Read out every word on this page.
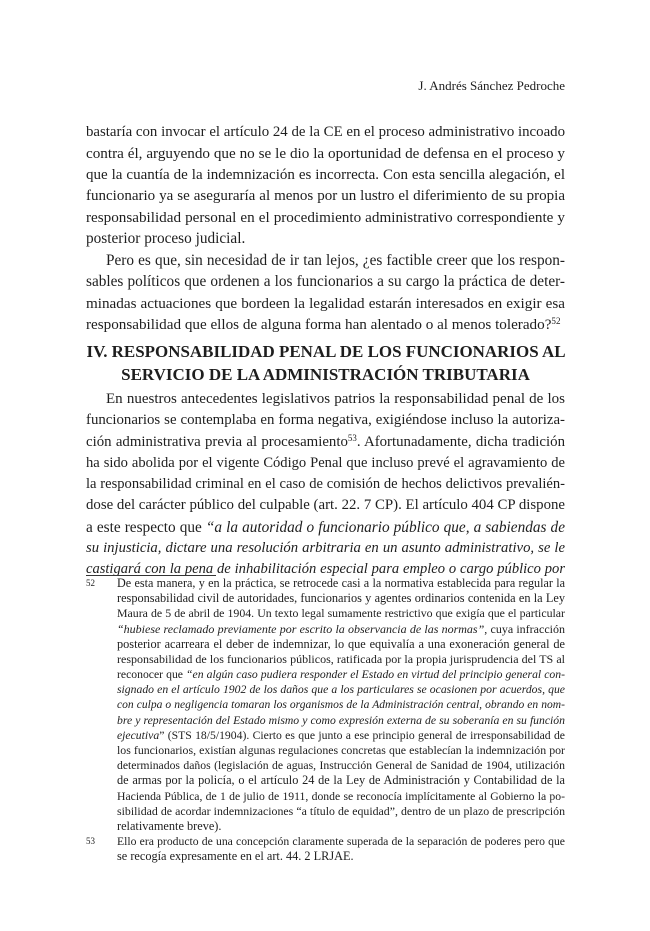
J. Andrés Sánchez Pedroche
bastaría con invocar el artículo 24 de la CE en el proceso administrativo incoado
contra él, arguyendo que no se le dio la oportunidad de defensa en el proceso y
que la cuantía de la indemnización es incorrecta. Con esta sencilla alegación, el
funcionario ya se aseguraría al menos por un lustro el diferimiento de su propia
responsabilidad personal en el procedimiento administrativo correspondiente y
posterior proceso judicial.
Pero es que, sin necesidad de ir tan lejos, ¿es factible creer que los respon-
sables políticos que ordenen a los funcionarios a su cargo la práctica de deter-
minadas actuaciones que bordeen la legalidad estarán interesados en exigir esa
responsabilidad que ellos de alguna forma han alentado o al menos tolerado?$^{52}$
IV. RESPONSABILIDAD PENAL DE LOS FUNCIONARIOS AL
SERVICIO DE LA ADMINISTRACIÓN TRIBUTARIA
En nuestros antecedentes legislativos patrios la responsabilidad penal de los
funcionarios se contemplaba en forma negativa, exigiéndose incluso la autoriza-
ción administrativa previa al procesamiento$^{53}$. Afortunadamente, dicha tradición
ha sido abolida por el vigente Código Penal que incluso prevé el agravamiento de
la responsabilidad criminal en el caso de comisión de hechos delictivos prevalién-
dose del carácter público del culpable (art. 22. 7 CP). El artículo 404 CP dispone
a este respecto que “a la autoridad o funcionario público que, a sabiendas de
su injusticia, dictare una resolución arbitraria en un asunto administrativo, se le
castigará con la pena de inhabilitación especial para empleo o cargo público por
52 De esta manera, y en la práctica, se retrocede casi a la normativa establecida para regular la
responsabilidad civil de autoridades, funcionarios y agentes ordinarios contenida en la Ley
Maura de 5 de abril de 1904. Un texto legal sumamente restrictivo que exigía que el particular
“hubiese reclamado previamente por escrito la observancia de las normas”, cuya infracción
posterior acarreara el deber de indemnizar, lo que equivalía a una exoneración general de
responsabilidad de los funcionarios públicos, ratificada por la propia jurisprudencia del TS al
reconocer que “en algún caso pudiera responder el Estado en virtud del principio general con-
signado en el artículo 1902 de los daños que a los particulares se ocasionen por acuerdos, que
con culpa o negligencia tomaran los organismos de la Administración central, obrando en nom-
bre y representación del Estado mismo y como expresión externa de su soberanía en su función
ejecutiva” (STS 18/5/1904). Cierto es que junto a ese principio general de irresponsabilidad de
los funcionarios, existían algunas regulaciones concretas que establecían la indemnización por
determinados daños (legislación de aguas, Instrucción General de Sanidad de 1904, utilización
de armas por la policía, o el artículo 24 de la Ley de Administración y Contabilidad de la
Hacienda Pública, de 1 de julio de 1911, donde se reconocía implícitamente al Gobierno la po-
sibilidad de acordar indemnizaciones “a título de equidad”, dentro de un plazo de prescripción
relativamente breve).
53 Ello era producto de una concepción claramente superada de la separación de poderes pero que
se recogía expresamente en el art. 44. 2 LRJAE.
